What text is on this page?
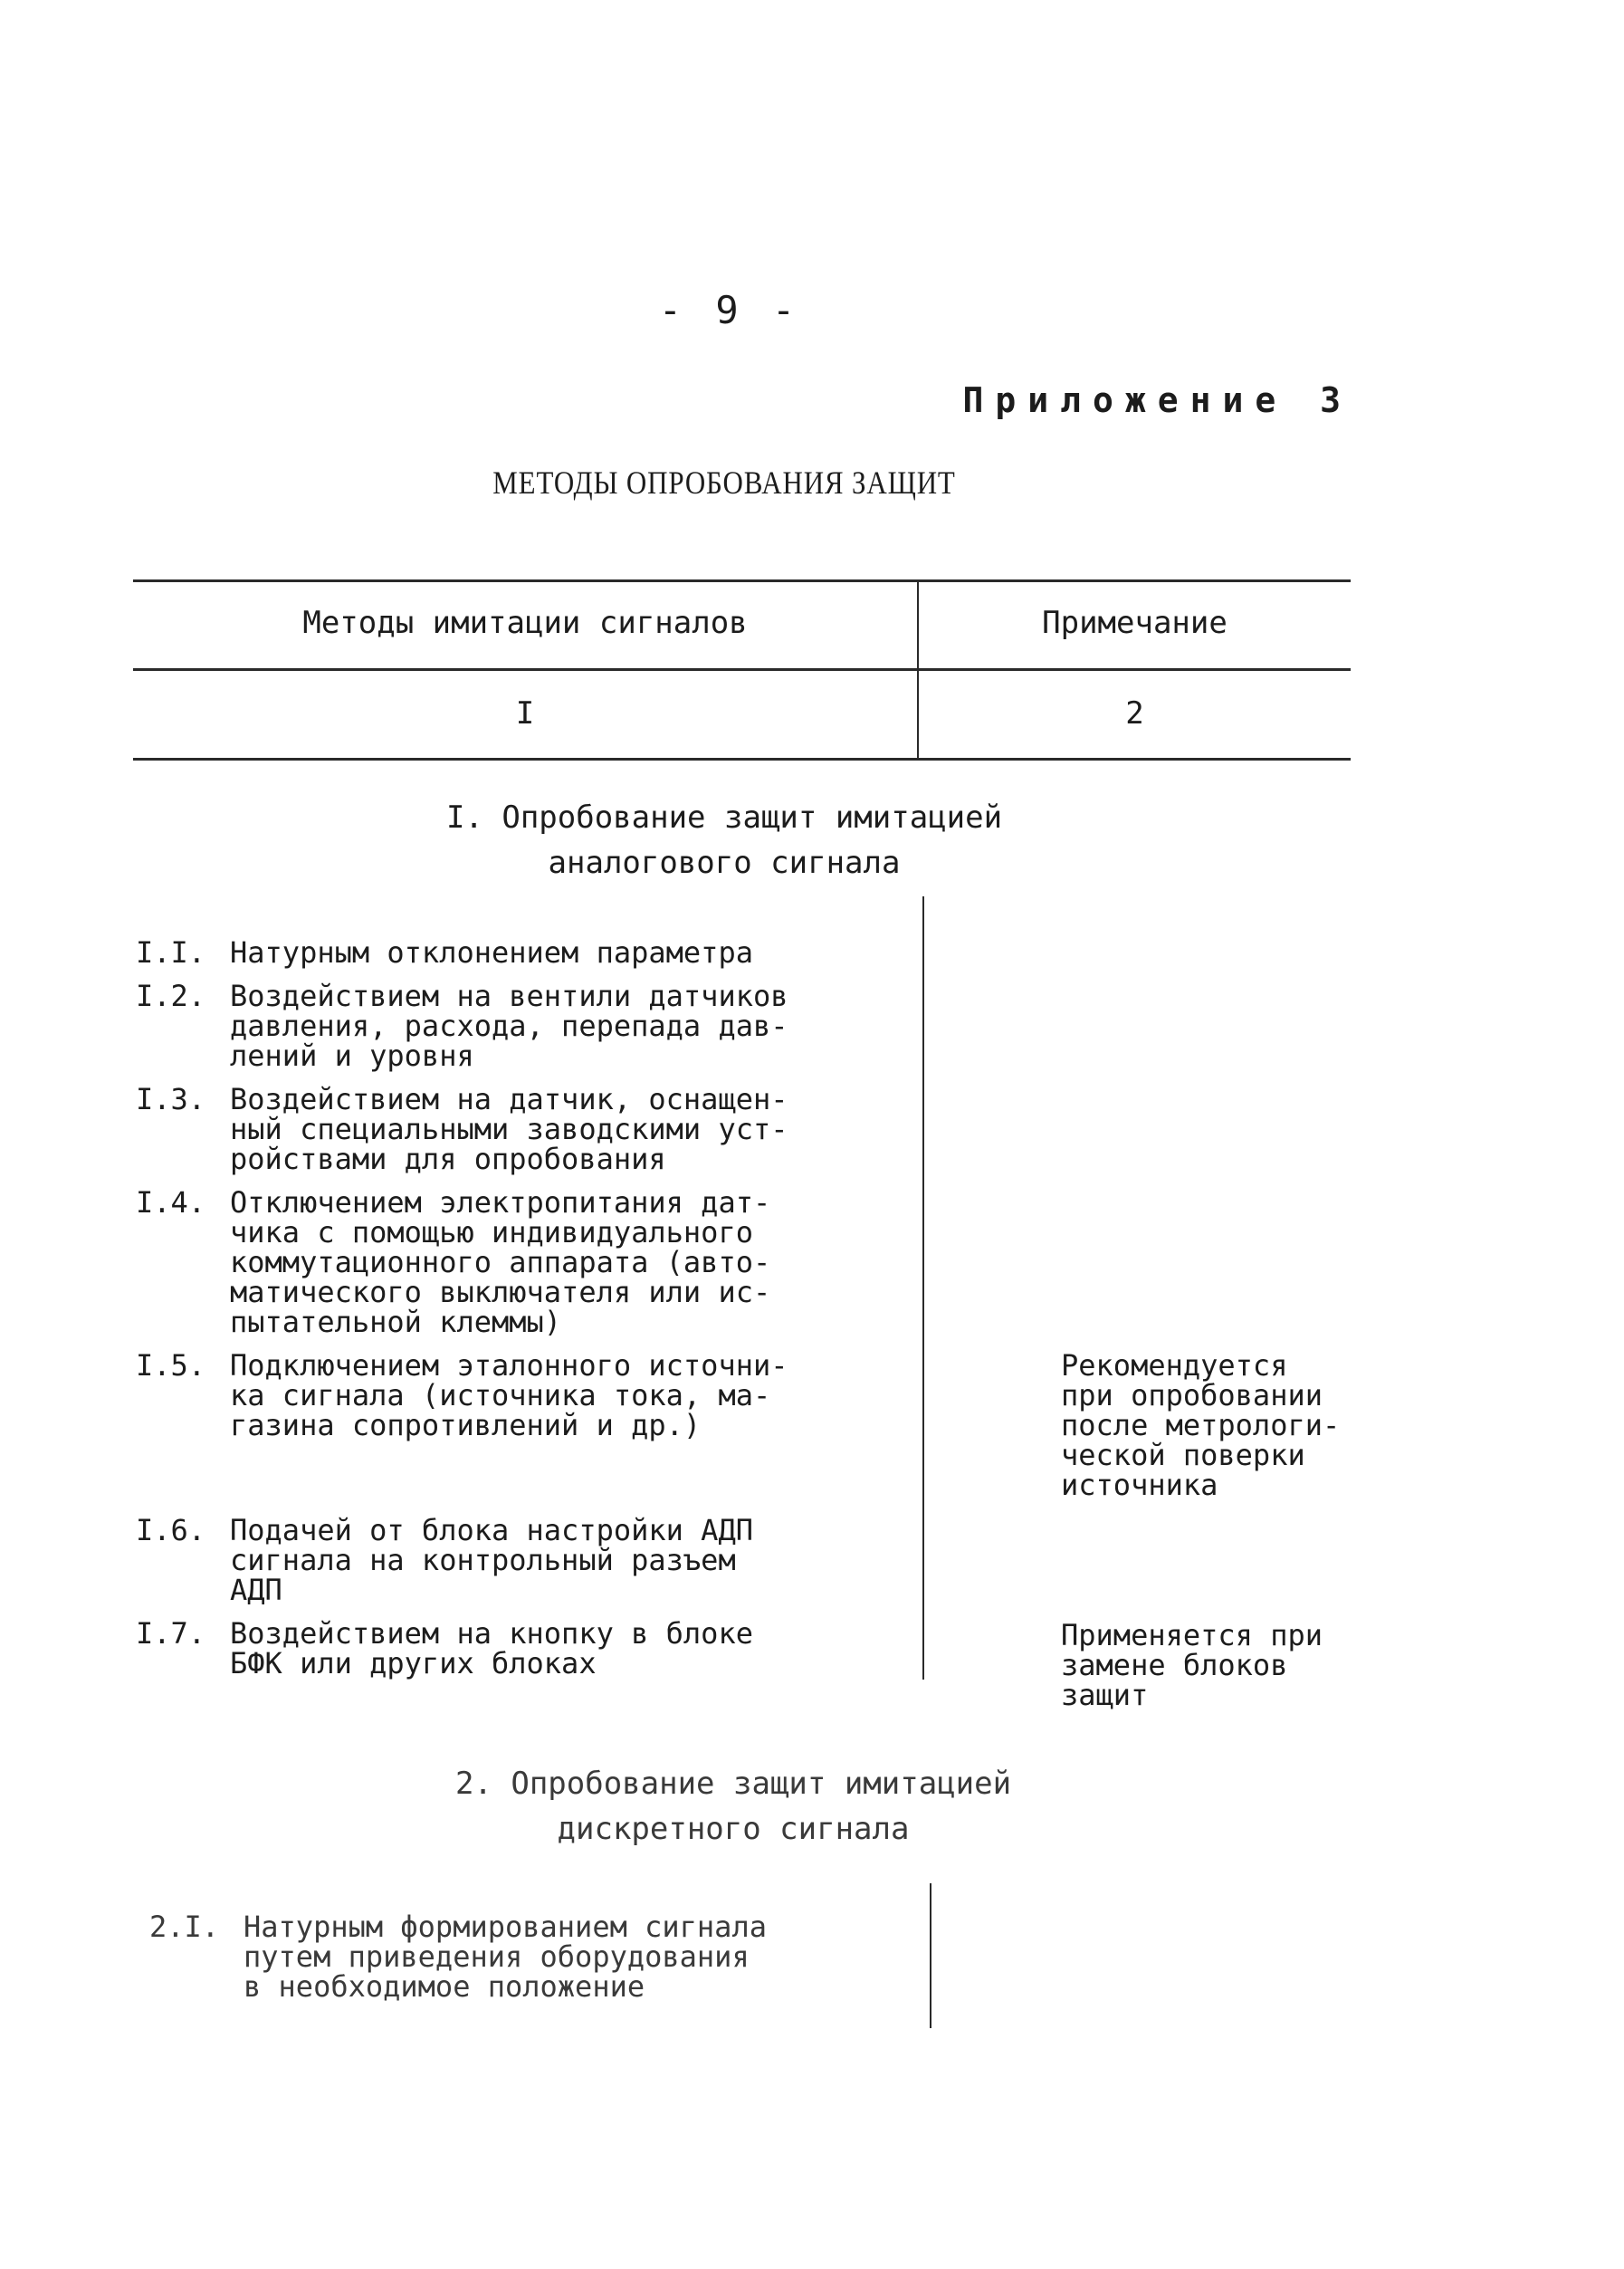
- 9 -
Приложение 3
МЕТОДЫ ОПРОБОВАНИЯ ЗАЩИТ
Методы имитации сигналов	Примечание
I	2
I. Опробование защит имитацией
аналогового сигнала
I.I. Натурным отклонением параметра
I.2. Воздействием на вентили датчиков
давления, расхода, перепада дав-
лений и уровня
I.3. Воздействием на датчик, оснащен-
ный специальными заводскими уст-
ройствами для опробования
I.4. Отключением электропитания дат-
чика с помощью индивидуального
коммутационного аппарата (авто-
матического выключателя или ис-
пытательной клеммы)
I.5. Подключением эталонного источни-
ка сигнала (источника тока, ма-
газина сопротивлений и др.)
Рекомендуется
при опробовании
после метрологи-
ческой поверки
источника
I.6. Подачей от блока настройки АДП
сигнала на контрольный разъем
АДП
I.7. Воздействием на кнопку в блоке
БФК или других блоках
Применяется при
замене блоков
защит
2. Опробование защит имитацией
дискретного сигнала
2.I. Натурным формированием сигнала
путем приведения оборудования
в необходимое положение
